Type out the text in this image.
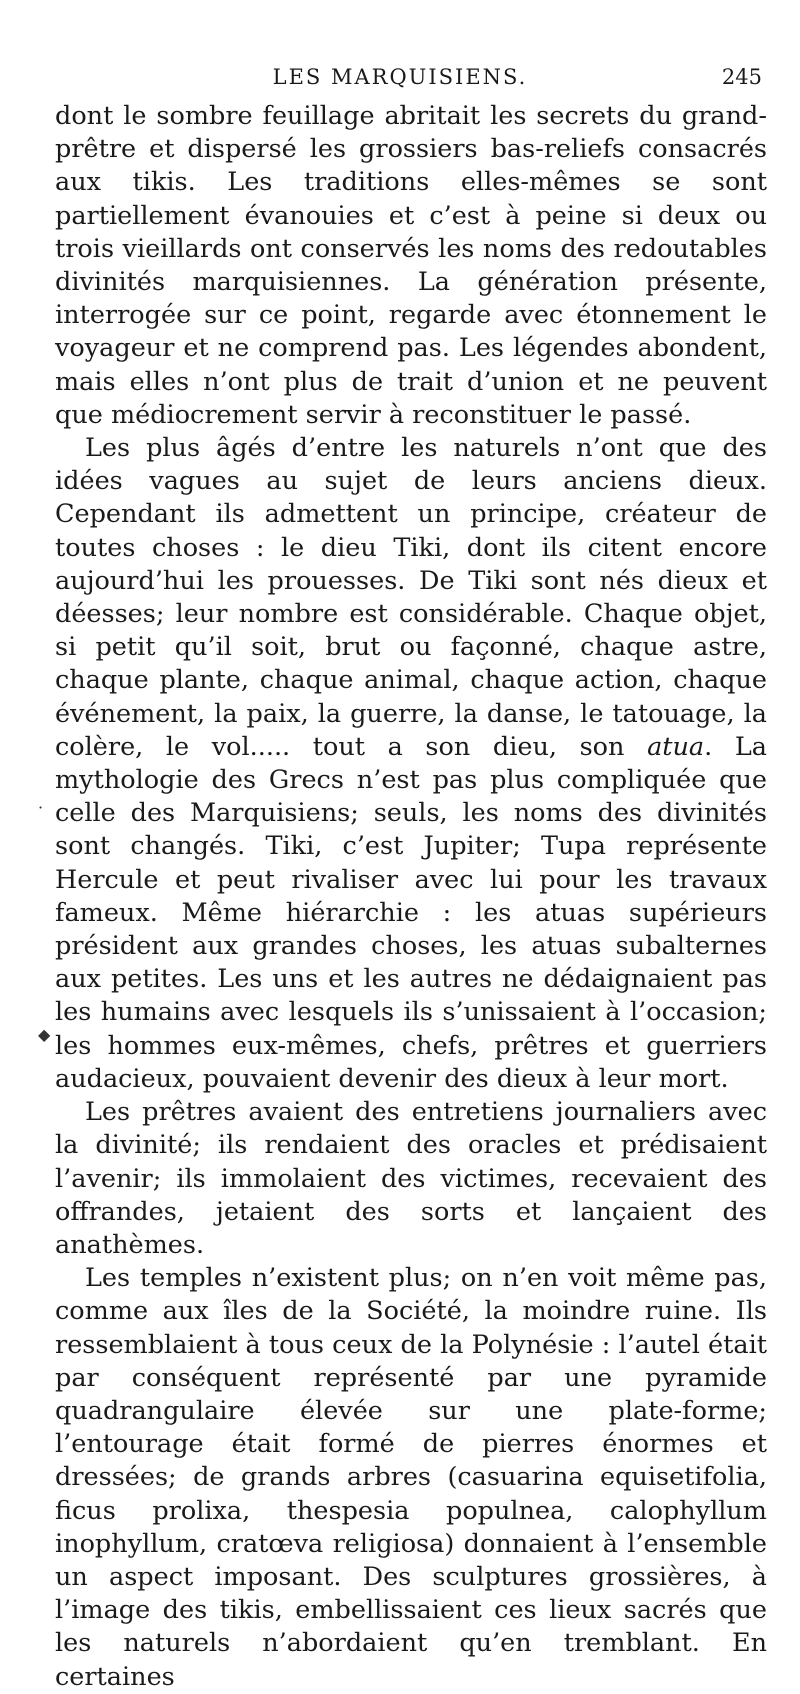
LES MARQUISIENS.	245
·
◆

dont le sombre feuillage abritait les secrets du grand-prêtre et dispersé les grossiers bas-reliefs consacrés aux tikis. Les traditions elles-mêmes se sont partiellement évanouies et c’est à peine si deux ou trois vieillards ont conservés les noms des redoutables divinités marquisiennes. La génération présente, interrogée sur ce point, regarde avec étonnement le voyageur et ne comprend pas. Les légendes abondent, mais elles n’ont plus de trait d’union et ne peuvent que médiocrement servir à reconstituer le passé.

Les plus âgés d’entre les naturels n’ont que des idées vagues au sujet de leurs anciens dieux. Cependant ils admettent un principe, créateur de toutes choses : le dieu Tiki, dont ils citent encore aujourd’hui les prouesses. De Tiki sont nés dieux et déesses; leur nombre est considérable. Chaque objet, si petit qu’il soit, brut ou façonné, chaque astre, chaque plante, chaque animal, chaque action, chaque événement, la paix, la guerre, la danse, le tatouage, la colère, le vol..... tout a son dieu, son atua. La mythologie des Grecs n’est pas plus compliquée que celle des Marquisiens; seuls, les noms des divinités sont changés. Tiki, c’est Jupiter; Tupa représente Hercule et peut rivaliser avec lui pour les travaux fameux. Même hiérarchie : les atuas supérieurs président aux grandes choses, les atuas subalternes aux petites. Les uns et les autres ne dédaignaient pas les humains avec lesquels ils s’unissaient à l’occasion; les hommes eux-mêmes, chefs, prêtres et guerriers audacieux, pouvaient devenir des dieux à leur mort.

Les prêtres avaient des entretiens journaliers avec la divinité; ils rendaient des oracles et prédisaient l’avenir; ils immolaient des victimes, recevaient des offrandes, jetaient des sorts et lançaient des anathèmes.

Les temples n’existent plus; on n’en voit même pas, comme aux îles de la Société, la moindre ruine. Ils ressemblaient à tous ceux de la Polynésie : l’autel était par conséquent représenté par une pyramide quadrangulaire élevée sur une plate-forme; l’entourage était formé de pierres énormes et dressées; de grands arbres (casuarina equisetifolia, ficus prolixa, thespesia populnea, calophyllum inophyllum, cratœva religiosa) donnaient à l’ensemble un aspect imposant. Des sculptures grossières, à l’image des tikis, embellissaient ces lieux sacrés que les naturels n’abordaient qu’en tremblant. En certaines
